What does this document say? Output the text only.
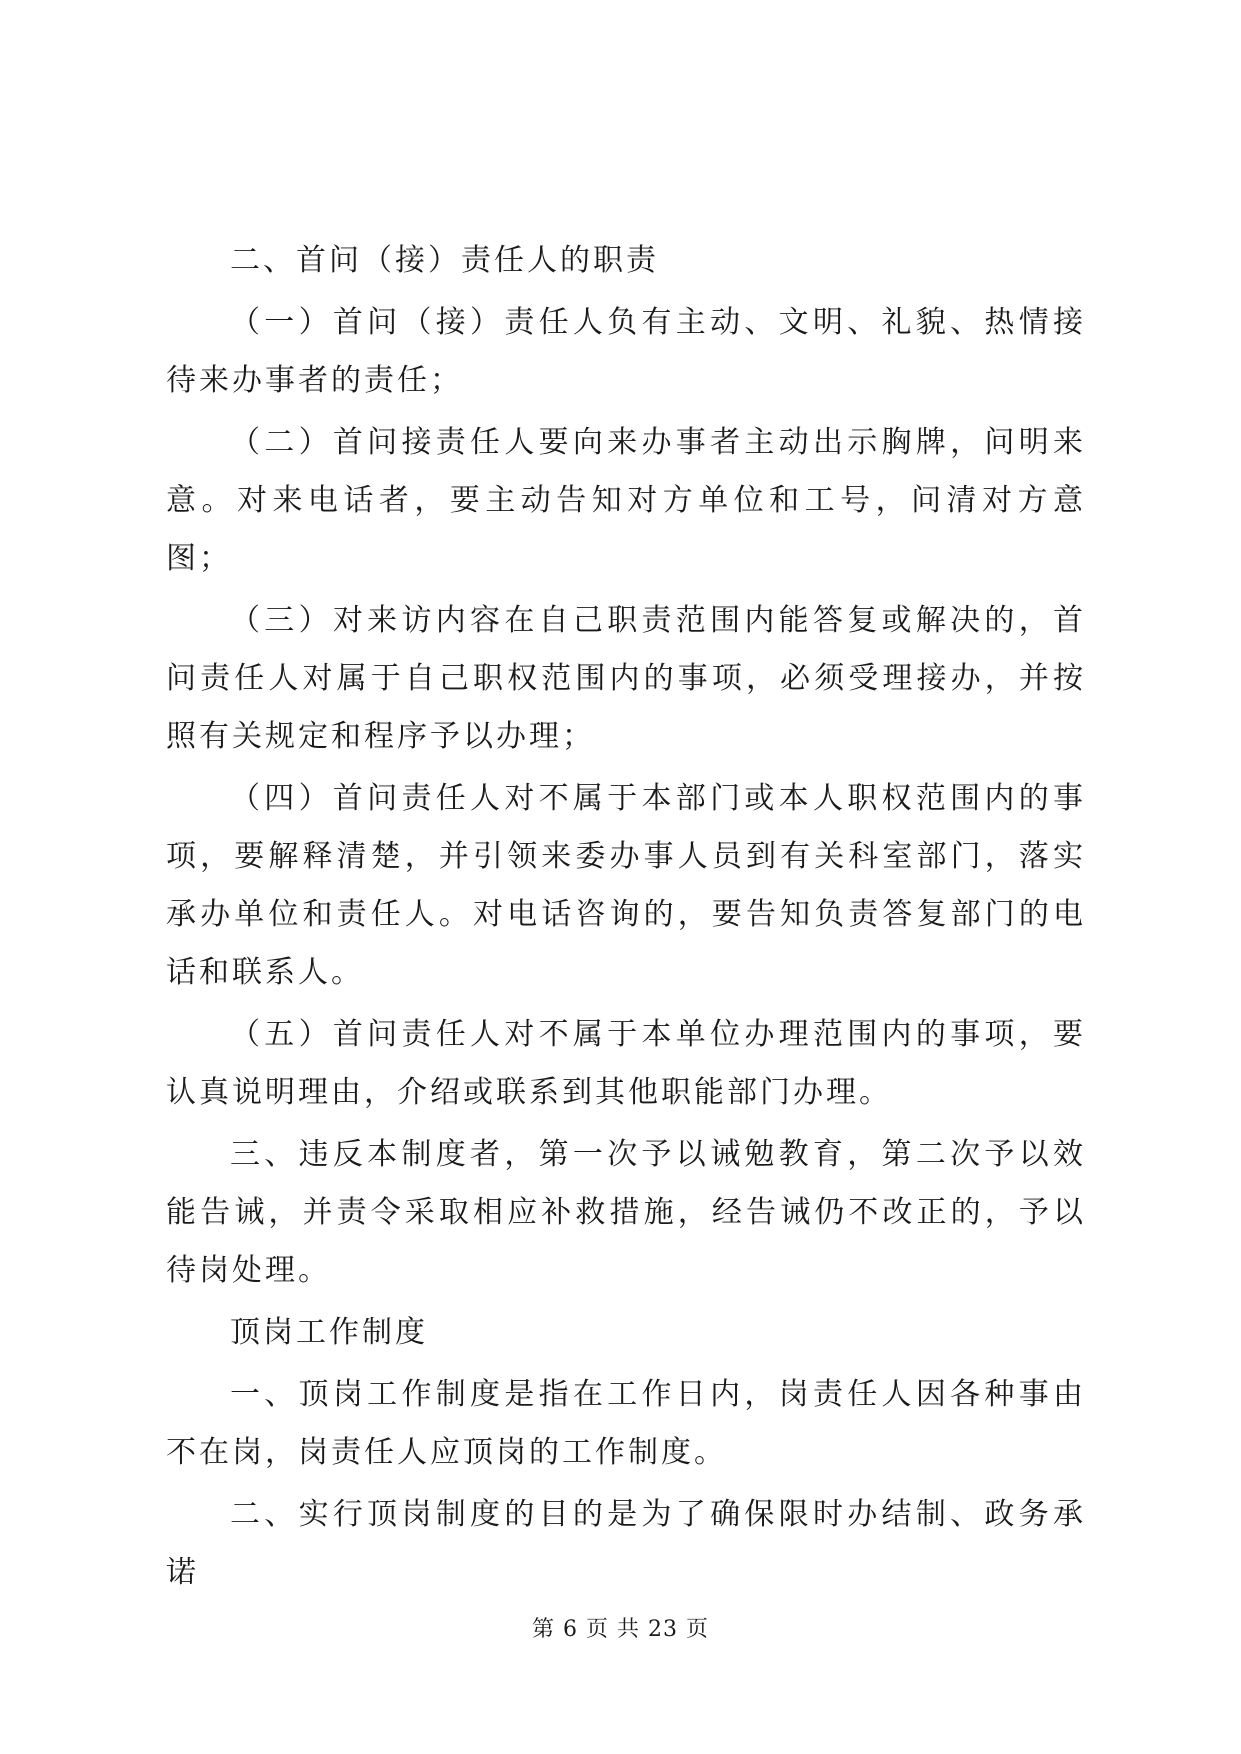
二、首问（接）责任人的职责

（一）首问（接）责任人负有主动、文明、礼貌、热情接待来办事者的责任；

（二）首问接责任人要向来办事者主动出示胸牌，问明来意。对来电话者，要主动告知对方单位和工号，问清对方意图；

（三）对来访内容在自己职责范围内能答复或解决的，首问责任人对属于自己职权范围内的事项，必须受理接办，并按照有关规定和程序予以办理；

（四）首问责任人对不属于本部门或本人职权范围内的事项，要解释清楚，并引领来委办事人员到有关科室部门，落实承办单位和责任人。对电话咨询的，要告知负责答复部门的电话和联系人。

（五）首问责任人对不属于本单位办理范围内的事项，要认真说明理由，介绍或联系到其他职能部门办理。

三、违反本制度者，第一次予以诫勉教育，第二次予以效能告诫，并责令采取相应补救措施，经告诫仍不改正的，予以待岗处理。

顶岗工作制度

一、顶岗工作制度是指在工作日内，岗责任人因各种事由不在岗，岗责任人应顶岗的工作制度。

二、实行顶岗制度的目的是为了确保限时办结制、政务承诺

第 6 页 共 23 页
